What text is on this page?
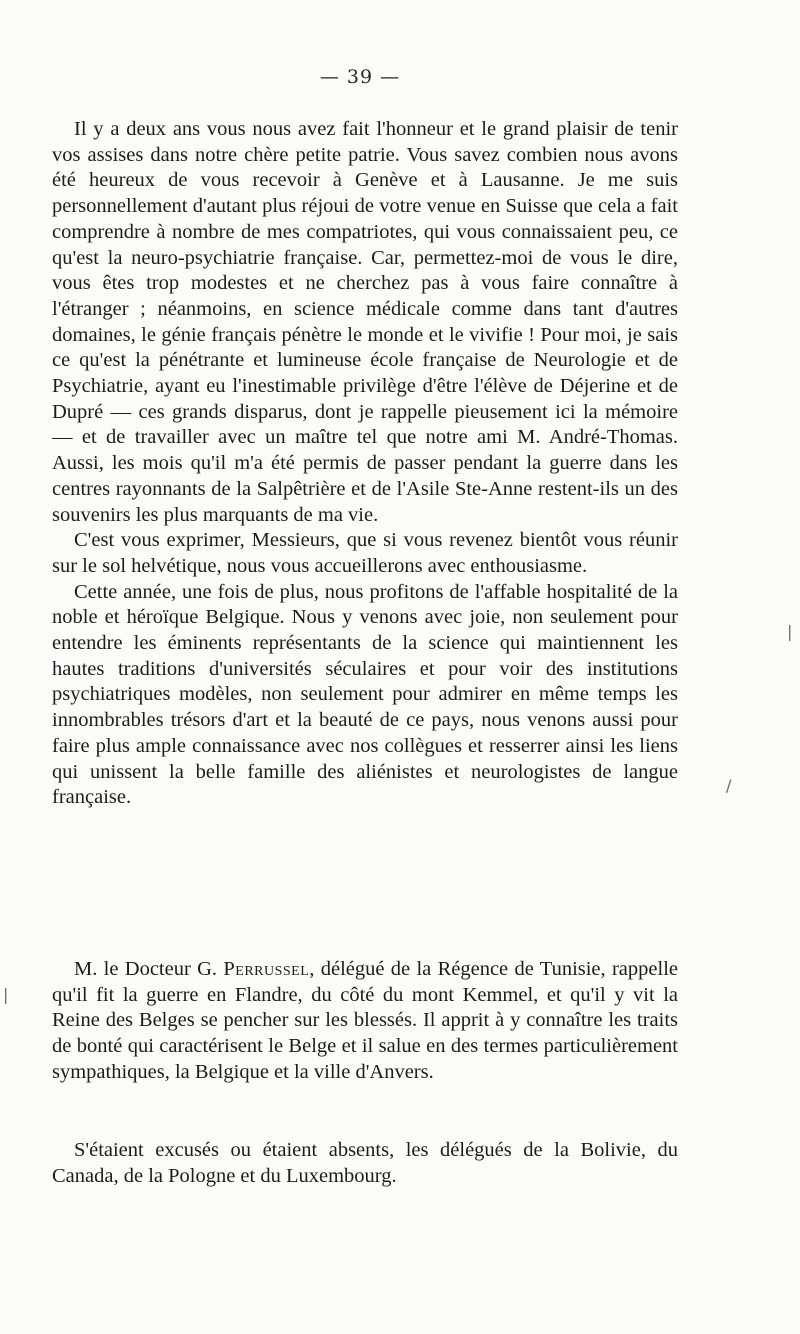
— 39 —

Il y a deux ans vous nous avez fait l'honneur et le grand plaisir de tenir vos assises dans notre chère petite patrie. Vous savez combien nous avons été heureux de vous recevoir à Genève et à Lausanne. Je me suis personnellement d'autant plus réjoui de votre venue en Suisse que cela a fait comprendre à nombre de mes compatriotes, qui vous connaissaient peu, ce qu'est la neuro-psychiatrie française. Car, permettez-moi de vous le dire, vous êtes trop modestes et ne cherchez pas à vous faire connaître à l'étranger ; néanmoins, en science médicale comme dans tant d'autres domaines, le génie français pénètre le monde et le vivifie ! Pour moi, je sais ce qu'est la pénétrante et lumineuse école française de Neurologie et de Psychiatrie, ayant eu l'inestimable privilège d'être l'élève de Déjerine et de Dupré — ces grands disparus, dont je rappelle pieusement ici la mémoire — et de travailler avec un maître tel que notre ami M. André-Thomas. Aussi, les mois qu'il m'a été permis de passer pendant la guerre dans les centres rayonnants de la Salpêtrière et de l'Asile Ste-Anne restent-ils un des souvenirs les plus marquants de ma vie.

C'est vous exprimer, Messieurs, que si vous revenez bientôt vous réunir sur le sol helvétique, nous vous accueillerons avec enthousiasme.

Cette année, une fois de plus, nous profitons de l'affable hospitalité de la noble et héroïque Belgique. Nous y venons avec joie, non seulement pour entendre les éminents représentants de la science qui maintiennent les hautes traditions d'universités séculaires et pour voir des institutions psychiatriques modèles, non seulement pour admirer en même temps les innombrables trésors d'art et la beauté de ce pays, nous venons aussi pour faire plus ample connaissance avec nos collègues et resserrer ainsi les liens qui unissent la belle famille des aliénistes et neurologistes de langue française.

M. le Docteur G. Perrussel, délégué de la Régence de Tunisie, rappelle qu'il fit la guerre en Flandre, du côté du mont Kemmel, et qu'il y vit la Reine des Belges se pencher sur les blessés. Il apprit à y connaître les traits de bonté qui caractérisent le Belge et il salue en des termes particulièrement sympathiques, la Belgique et la ville d'Anvers.

S'étaient excusés ou étaient absents, les délégués de la Bolivie, du Canada, de la Pologne et du Luxembourg.

|
/
|
